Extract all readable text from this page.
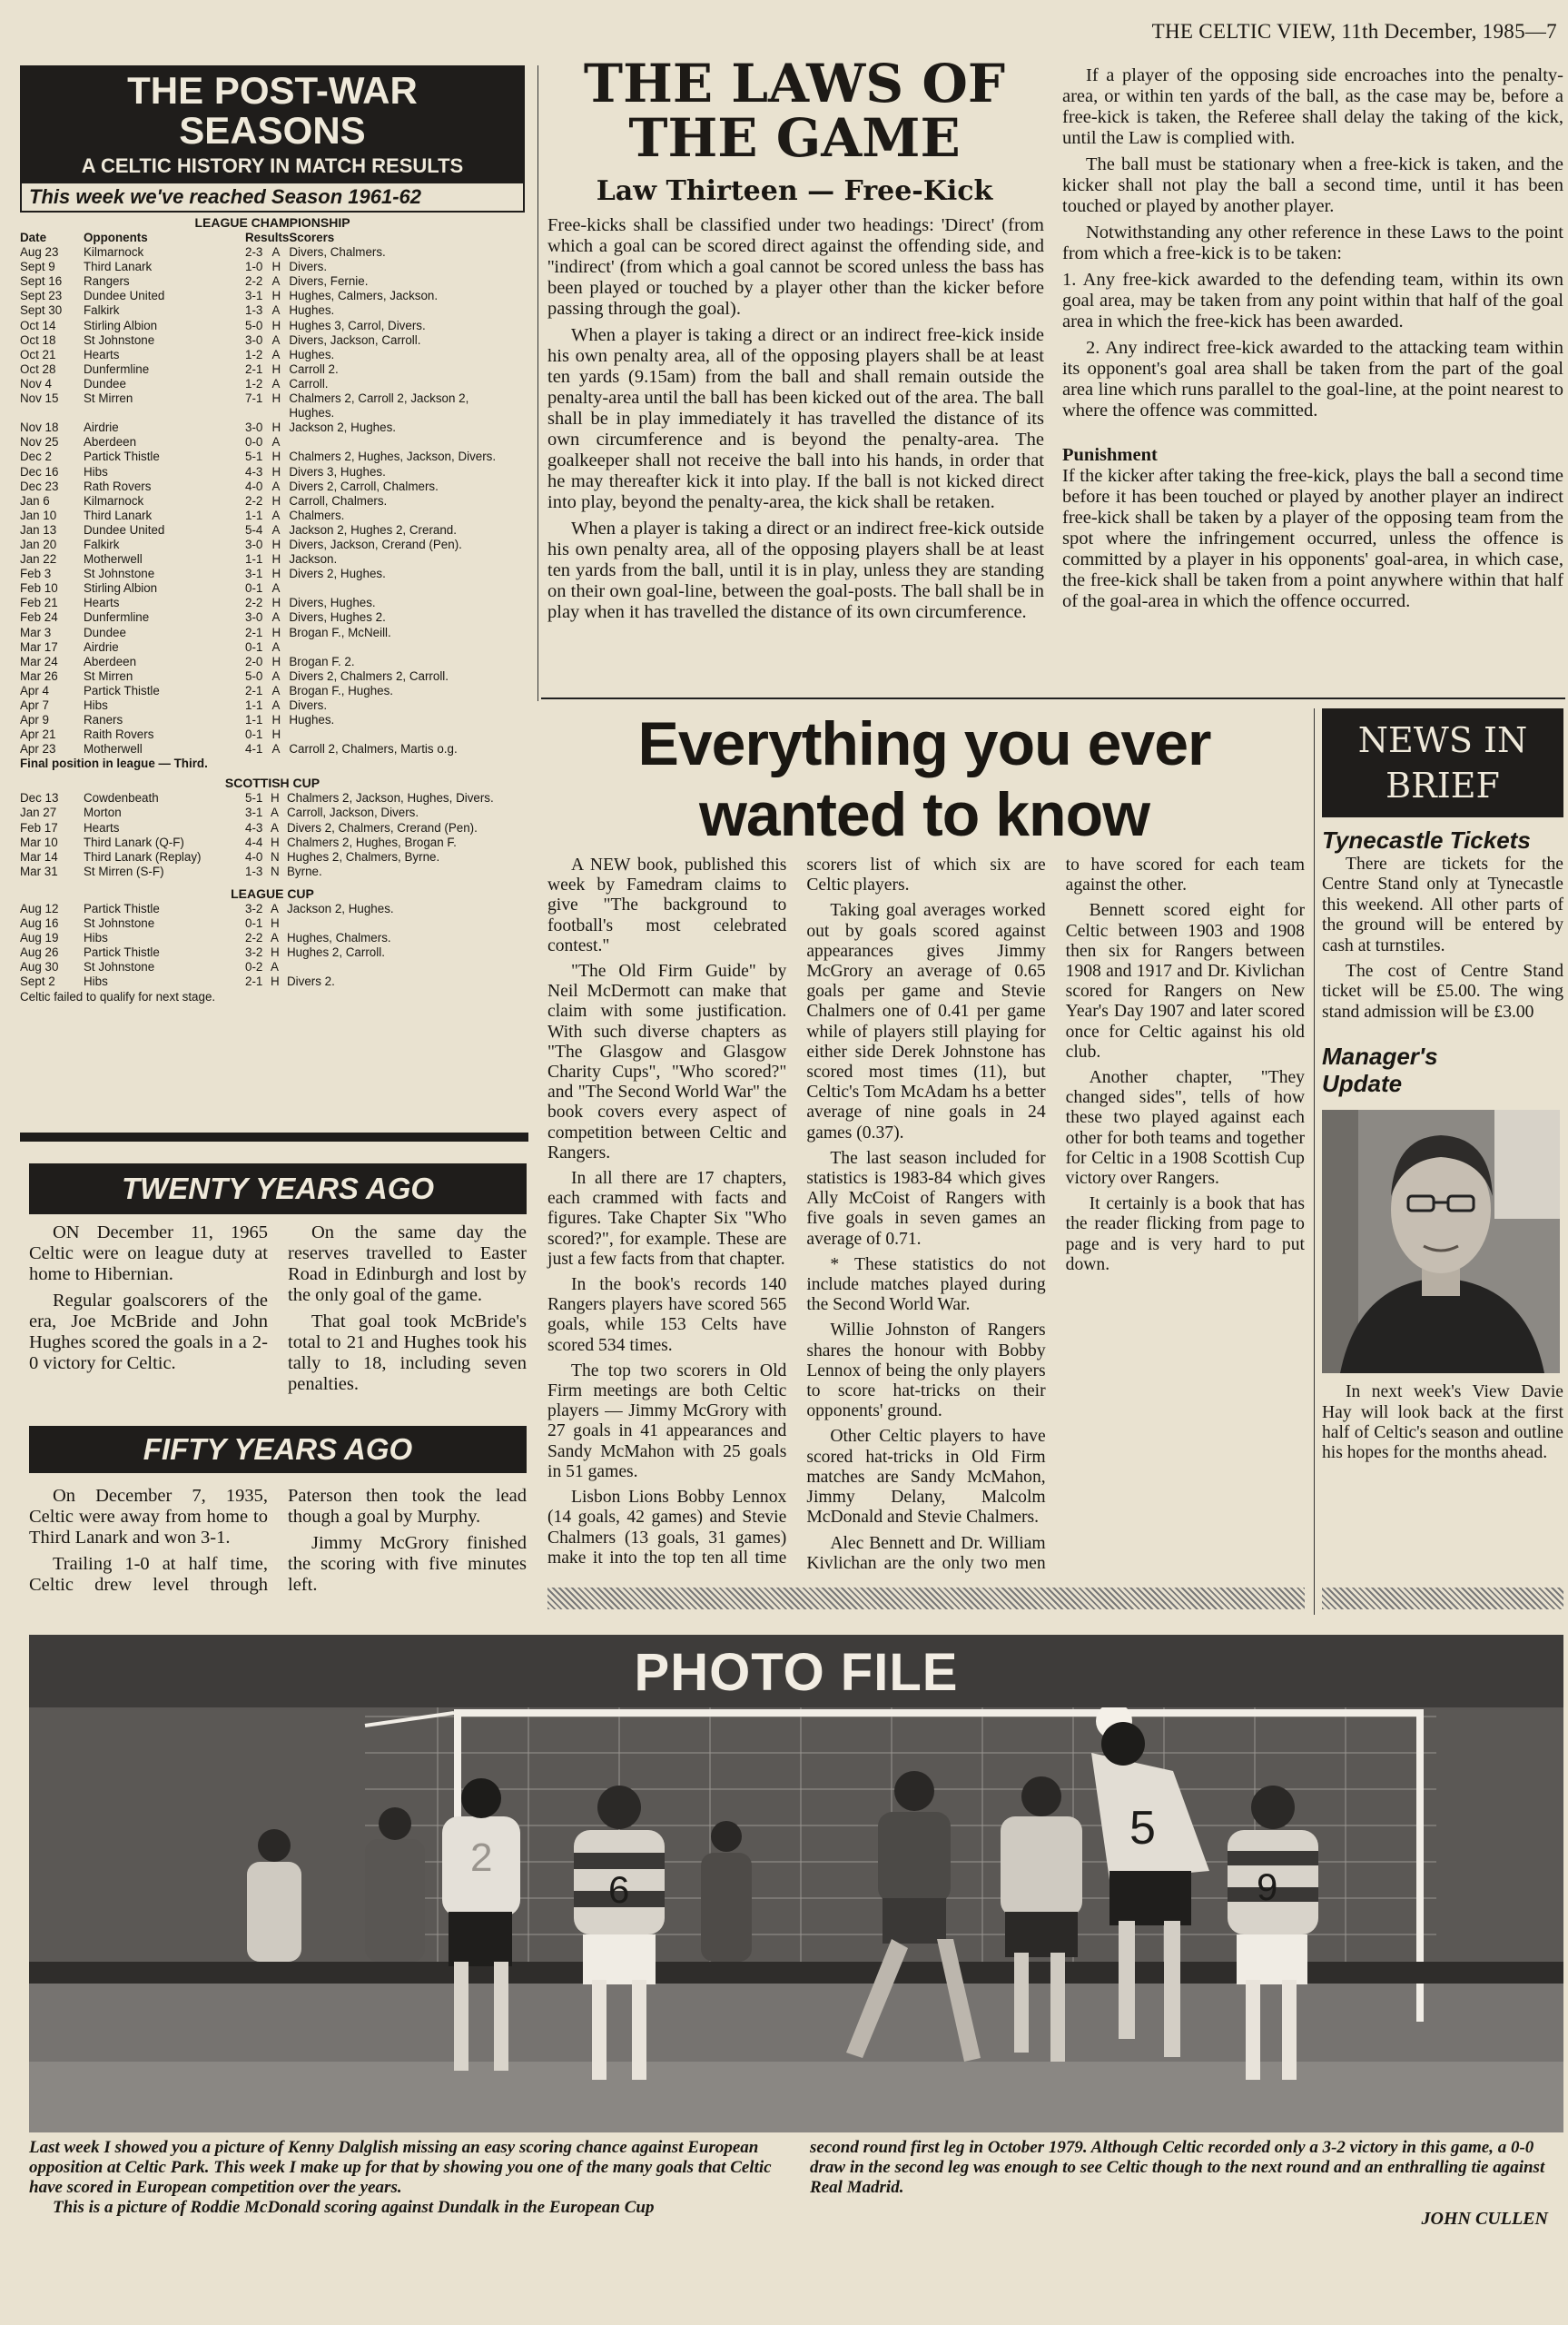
THE CELTIC VIEW, 11th December, 1985—7
THE POST-WAR
SEASONS
A CELTIC HISTORY IN MATCH RESULTS
This week we've reached Season 1961-62
LEAGUE CHAMPIONSHIP
Date	Opponents	Results		Scorers
Aug 23	Kilmarnock	2-3	A	Divers, Chalmers.
Sept 9	Third Lanark	1-0	H	Divers.
Sept 16	Rangers	2-2	A	Divers, Fernie.
Sept 23	Dundee United	3-1	H	Hughes, Calmers, Jackson.
Sept 30	Falkirk	1-3	A	Hughes.
Oct 14	Stirling Albion	5-0	H	Hughes 3, Carrol, Divers.
Oct 18	St Johnstone	3-0	A	Divers, Jackson, Carroll.
Oct 21	Hearts	1-2	A	Hughes.
Oct 28	Dunfermline	2-1	H	Carroll 2.
Nov 4	Dundee	1-2	A	Carroll.
Nov 15	St Mirren	7-1	H	Chalmers 2, Carroll 2, Jackson 2,
				Hughes.
Nov 18	Airdrie	3-0	H	Jackson 2, Hughes.
Nov 25	Aberdeen	0-0	A	
Dec 2	Partick Thistle	5-1	H	Chalmers 2, Hughes, Jackson, Divers.
Dec 16	Hibs	4-3	H	Divers 3, Hughes.
Dec 23	Rath Rovers	4-0	A	Divers 2, Carroll, Chalmers.
Jan 6	Kilmarnock	2-2	H	Carroll, Chalmers.
Jan 10	Third Lanark	1-1	A	Chalmers.
Jan 13	Dundee United	5-4	A	Jackson 2, Hughes 2, Crerand.
Jan 20	Falkirk	3-0	H	Divers, Jackson, Crerand (Pen).
Jan 22	Motherwell	1-1	H	Jackson.
Feb 3	St Johnstone	3-1	H	Divers 2, Hughes.
Feb 10	Stirling Albion	0-1	A	
Feb 21	Hearts	2-2	H	Divers, Hughes.
Feb 24	Dunfermline	3-0	A	Divers, Hughes 2.
Mar 3	Dundee	2-1	H	Brogan F., McNeill.
Mar 17	Airdrie	0-1	A	
Mar 24	Aberdeen	2-0	H	Brogan F. 2.
Mar 26	St Mirren	5-0	A	Divers 2, Chalmers 2, Carroll.
Apr 4	Partick Thistle	2-1	A	Brogan F., Hughes.
Apr 7	Hibs	1-1	A	Divers.
Apr 9	Raners	1-1	H	Hughes.
Apr 21	Raith Rovers	0-1	H	
Apr 23	Motherwell	4-1	A	Carroll 2, Chalmers, Martis o.g.
Final position in league — Third.
SCOTTISH CUP
Dec 13	Cowdenbeath	5-1	H	Chalmers 2, Jackson, Hughes, Divers.
Jan 27	Morton	3-1	A	Carroll, Jackson, Divers.
Feb 17	Hearts	4-3	A	Divers 2, Chalmers, Crerand (Pen).
Mar 10	Third Lanark (Q-F)	4-4	H	Chalmers 2, Hughes, Brogan F.
Mar 14	Third Lanark (Replay)	4-0	N	Hughes 2, Chalmers, Byrne.
Mar 31	St Mirren (S-F)	1-3	N	Byrne.
LEAGUE CUP
Aug 12	Partick Thistle	3-2	A	Jackson 2, Hughes.
Aug 16	St Johnstone	0-1	H	
Aug 19	Hibs	2-2	A	Hughes, Chalmers.
Aug 26	Partick Thistle	3-2	H	Hughes 2, Carroll.
Aug 30	St Johnstone	0-2	A	
Sept 2	Hibs	2-1	H	Divers 2.
Celtic failed to qualify for next stage.
TWENTY YEARS AGO

ON December 11, 1965 Celtic were on league duty at home to Hibernian.

Regular goalscorers of the era, Joe McBride and John Hughes scored the goals in a 2-0 victory for Celtic.

On the same day the reserves travelled to Easter Road in Edinburgh and lost by the only goal of the game.

That goal took McBride's total to 21 and Hughes took his tally to 18, including seven penalties.

FIFTY YEARS AGO

On December 7, 1935, Celtic were away from home to Third Lanark and won 3-1.

Trailing 1-0 at half time, Celtic drew level through Paterson then took the lead though a goal by Murphy.

Jimmy McGrory finished the scoring with five minutes left.

THE LAWS OF
THE GAME
Law Thirteen — Free-Kick

Free-kicks shall be classified under two headings: 'Direct' (from which a goal can be scored direct against the offending side, and ''indirect' (from which a goal cannot be scored unless the bass has been played or touched by a player other than the kicker before passing through the goal).

When a player is taking a direct or an indirect free-kick inside his own penalty area, all of the opposing players shall be at least ten yards (9.15am) from the ball and shall remain outside the penalty-area until the ball has been kicked out of the area. The ball shall be in play immediately it has travelled the distance of its own circumference and is beyond the penalty-area. The goalkeeper shall not receive the ball into his hands, in order that he may thereafter kick it into play. If the ball is not kicked direct into play, beyond the penalty-area, the kick shall be retaken.

When a player is taking a direct or an indirect free-kick outside his own penalty area, all of the opposing players shall be at least ten yards from the ball, until it is in play, unless they are standing on their own goal-line, between the goal-posts. The ball shall be in play when it has travelled the distance of its own circumference.

If a player of the opposing side encroaches into the penalty-area, or within ten yards of the ball, as the case may be, before a free-kick is taken, the Referee shall delay the taking of the kick, until the Law is complied with.

The ball must be stationary when a free-kick is taken, and the kicker shall not play the ball a second time, until it has been touched or played by another player.

Notwithstanding any other reference in these Laws to the point from which a free-kick is to be taken:

1. Any free-kick awarded to the defending team, within its own goal area, may be taken from any point within that half of the goal area in which the free-kick has been awarded.

2. Any indirect free-kick awarded to the attacking team within its opponent's goal area shall be taken from the part of the goal area line which runs parallel to the goal-line, at the point nearest to where the offence was committed.

Punishment

If the kicker after taking the free-kick, plays the ball a second time before it has been touched or played by another player an indirect free-kick shall be taken by a player of the opposing team from the spot where the infringement occurred, unless the offence is committed by a player in his opponents' goal-area, in which case, the free-kick shall be taken from a point anywhere within that half of the goal-area in which the offence occurred.

Everything you ever
wanted to know

A NEW book, published this week by Famedram claims to give "The background to football's most celebrated contest."

"The Old Firm Guide" by Neil McDermott can make that claim with some justification. With such diverse chapters as "The Glasgow and Glasgow Charity Cups", "Who scored?" and "The Second World War" the book covers every aspect of competition between Celtic and Rangers.

In all there are 17 chapters, each crammed with facts and figures. Take Chapter Six "Who scored?", for example. These are just a few facts from that chapter.

In the book's records 140 Rangers players have scored 565 goals, while 153 Celts have scored 534 times.

The top two scorers in Old Firm meetings are both Celtic players — Jimmy McGrory with 27 goals in 41 appearances and Sandy McMahon with 25 goals in 51 games.

Lisbon Lions Bobby Lennox (14 goals, 42 games) and Stevie Chalmers (13 goals, 31 games) make it into the top ten all time scorers list of which six are Celtic players.

Taking goal averages worked out by goals scored against appearances gives Jimmy McGrory an average of 0.65 goals per game and Stevie Chalmers one of 0.41 per game while of players still playing for either side Derek Johnstone has scored most times (11), but Celtic's Tom McAdam hs a better average of nine goals in 24 games (0.37).

The last season included for statistics is 1983-84 which gives Ally McCoist of Rangers with five goals in seven games an average of 0.71.

* These statistics do not include matches played during the Second World War.

Willie Johnston of Rangers shares the honour with Bobby Lennox of being the only players to score hat-tricks on their opponents' ground.

Other Celtic players to have scored hat-tricks in Old Firm matches are Sandy McMahon, Jimmy Delany, Malcolm McDonald and Stevie Chalmers.

Alec Bennett and Dr. William Kivlichan are the only two men to have scored for each team against the other.

Bennett scored eight for Celtic between 1903 and 1908 then six for Rangers between 1908 and 1917 and Dr. Kivlichan scored for Rangers on New Year's Day 1907 and later scored once for Celtic against his old club.

Another chapter, "They changed sides", tells of how these two played against each other for both teams and together for Celtic in a 1908 Scottish Cup victory over Rangers.

It certainly is a book that has the reader flicking from page to page and is very hard to put down.

NEWS IN
BRIEF
Tynecastle Tickets

There are tickets for the Centre Stand only at Tynecastle this weekend. All other parts of the ground will be entered by cash at turnstiles.

The cost of Centre Stand ticket will be £5.00. The wing stand admission will be £3.00

Manager's
Update

In next week's View Davie Hay will look back at the first half of Celtic's season and outline his hopes for the months ahead.

2
6
5
9
PHOTO FILE
Last week I showed you a picture of Kenny Dalglish missing an easy scoring chance against European opposition at Celtic Park. This week I make up for that by showing you one of the many goals that Celtic have scored in European competition over the years.
This is a picture of Roddie McDonald scoring against Dundalk in the European Cup
second round first leg in October 1979. Although Celtic recorded only a 3-2 victory in this game, a 0-0 draw in the second leg was enough to see Celtic though to the next round and an enthralling tie against Real Madrid.
JOHN CULLEN
